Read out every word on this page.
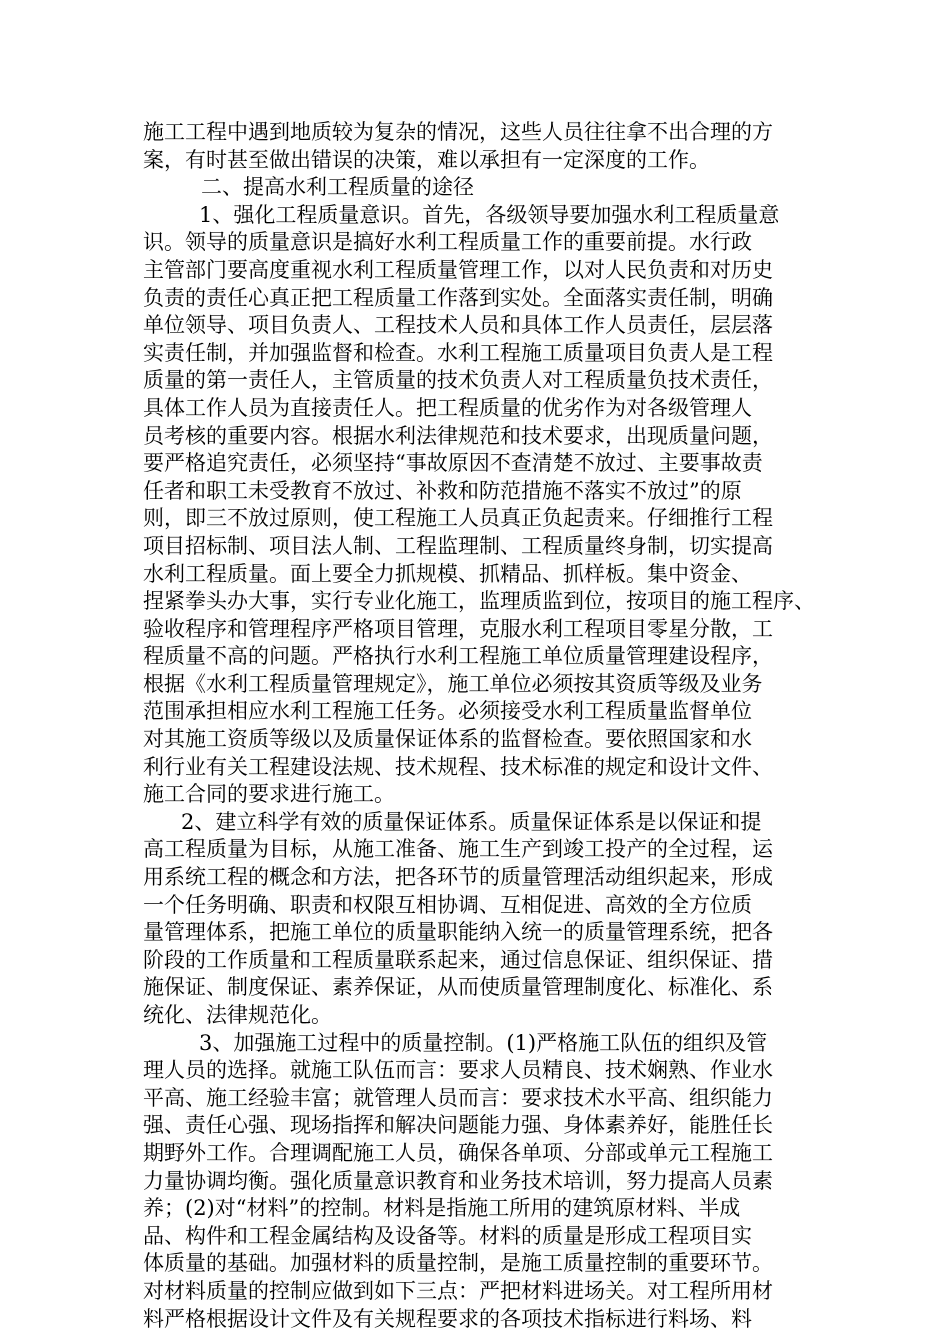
施工工程中遇到地质较为复杂的情况，这些人员往往拿不出合理的方
案，有时甚至做出错误的决策，难以承担有一定深度的工作。
二、提高水利工程质量的途径
1、强化工程质量意识。首先，各级领导要加强水利工程质量意
识。领导的质量意识是搞好水利工程质量工作的重要前提。水行政
主管部门要高度重视水利工程质量管理工作，以对人民负责和对历史
负责的责任心真正把工程质量工作落到实处。全面落实责任制，明确
单位领导、项目负责人、工程技术人员和具体工作人员责任，层层落
实责任制，并加强监督和检查。水利工程施工质量项目负责人是工程
质量的第一责任人，主管质量的技术负责人对工程质量负技术责任，
具体工作人员为直接责任人。把工程质量的优劣作为对各级管理人
员考核的重要内容。根据水利法律规范和技术要求，出现质量问题，
要严格追究责任，必须坚持“事故原因不查清楚不放过、主要事故责
任者和职工未受教育不放过、补救和防范措施不落实不放过”的原
则，即三不放过原则，使工程施工人员真正负起责来。仔细推行工程
项目招标制、项目法人制、工程监理制、工程质量终身制，切实提高
水利工程质量。面上要全力抓规模、抓精品、抓样板。集中资金、
捏紧拳头办大事，实行专业化施工，监理质监到位，按项目的施工程序、
验收程序和管理程序严格项目管理，克服水利工程项目零星分散，工
程质量不高的问题。严格执行水利工程施工单位质量管理建设程序，
根据《水利工程质量管理规定》，施工单位必须按其资质等级及业务
范围承担相应水利工程施工任务。必须接受水利工程质量监督单位
对其施工资质等级以及质量保证体系的监督检查。要依照国家和水
利行业有关工程建设法规、技术规程、技术标准的规定和设计文件、
施工合同的要求进行施工。
2、建立科学有效的质量保证体系。质量保证体系是以保证和提
高工程质量为目标，从施工准备、施工生产到竣工投产的全过程，运
用系统工程的概念和方法，把各环节的质量管理活动组织起来，形成
一个任务明确、职责和权限互相协调、互相促进、高效的全方位质
量管理体系，把施工单位的质量职能纳入统一的质量管理系统，把各
阶段的工作质量和工程质量联系起来，通过信息保证、组织保证、措
施保证、制度保证、素养保证，从而使质量管理制度化、标准化、系
统化、法律规范化。
3、加强施工过程中的质量控制。(1)严格施工队伍的组织及管
理人员的选择。就施工队伍而言：要求人员精良、技术娴熟、作业水
平高、施工经验丰富；就管理人员而言：要求技术水平高、组织能力
强、责任心强、现场指挥和解决问题能力强、身体素养好，能胜任长
期野外工作。合理调配施工人员，确保各单项、分部或单元工程施工
力量协调均衡。强化质量意识教育和业务技术培训，努力提高人员素
养；(2)对“材料”的控制。材料是指施工所用的建筑原材料、半成
品、构件和工程金属结构及设备等。材料的质量是形成工程项目实
体质量的基础。加强材料的质量控制，是施工质量控制的重要环节。
对材料质量的控制应做到如下三点：严把材料进场关。对工程所用材
料严格根据设计文件及有关规程要求的各项技术指标进行料场、料
